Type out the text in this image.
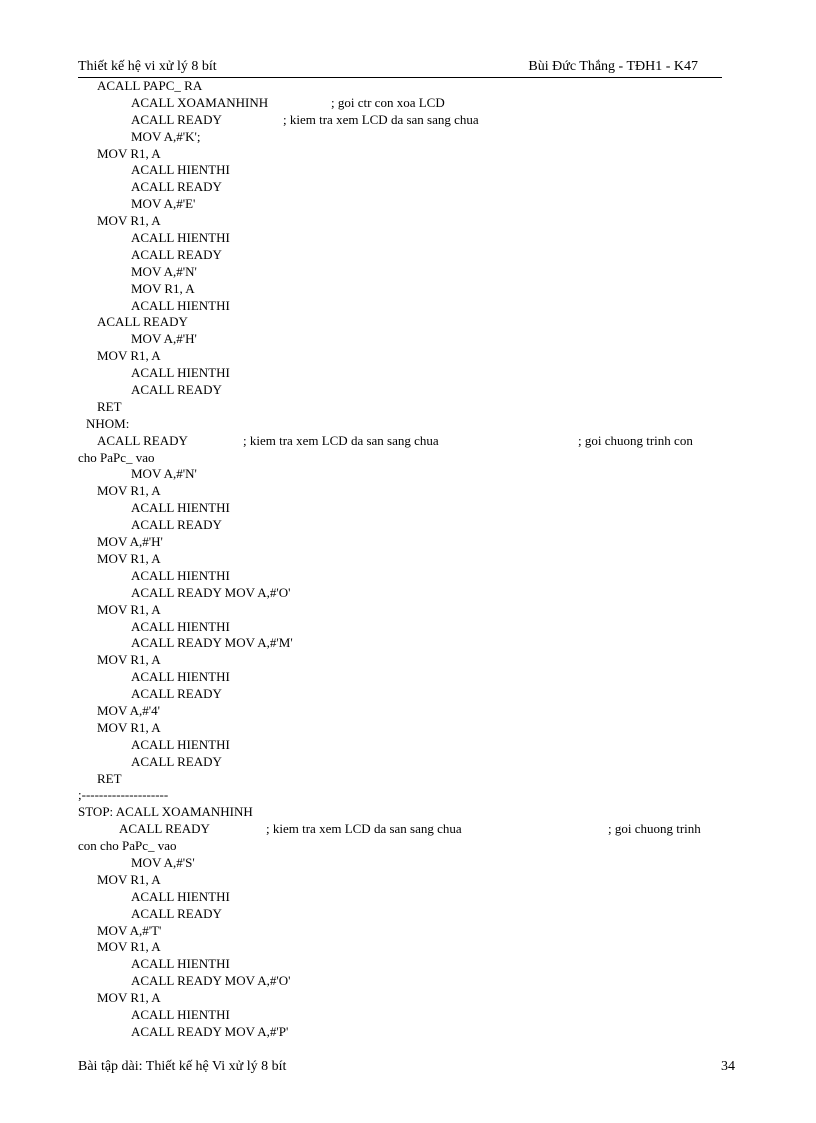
Thiết kế hệ vi xử lý 8 bít	Bùi Đức Thắng - TĐH1 - K47
ACALL PAPC_ RA
ACALL XOAMANHINH	; goi ctr con xoa LCD
ACALL READY	; kiem tra xem LCD da san sang chua
MOV A,#'K';
MOV R1, A
ACALL HIENTHI
ACALL READY
MOV A,#'E'
MOV R1, A
ACALL HIENTHI
ACALL READY
MOV A,#'N'
MOV R1, A
ACALL HIENTHI
ACALL READY
MOV A,#'H'
MOV R1, A
ACALL HIENTHI
ACALL READY
RET
NHOM:
ACALL READY	; kiem tra xem LCD da san sang chua	; goi chuong trinh con
cho PaPc_ vao
MOV A,#'N'
MOV R1, A
ACALL HIENTHI
ACALL READY
MOV A,#'H'
MOV R1, A
ACALL HIENTHI
ACALL READY MOV A,#'O'
MOV R1, A
ACALL HIENTHI
ACALL READY MOV A,#'M'
MOV R1, A
ACALL HIENTHI
ACALL READY
MOV A,#'4'
MOV R1, A
ACALL HIENTHI
ACALL READY
RET
;--------------------
STOP: ACALL XOAMANHINH
ACALL READY	; kiem tra xem LCD da san sang chua	; goi chuong trinh
con cho PaPc_ vao
MOV A,#'S'
MOV R1, A
ACALL HIENTHI
ACALL READY
MOV A,#'T'
MOV R1, A
ACALL HIENTHI
ACALL READY MOV A,#'O'
MOV R1, A
ACALL HIENTHI
ACALL READY MOV A,#'P'
Bài tập dài: Thiết kế hệ Vi xử lý 8 bít	34
